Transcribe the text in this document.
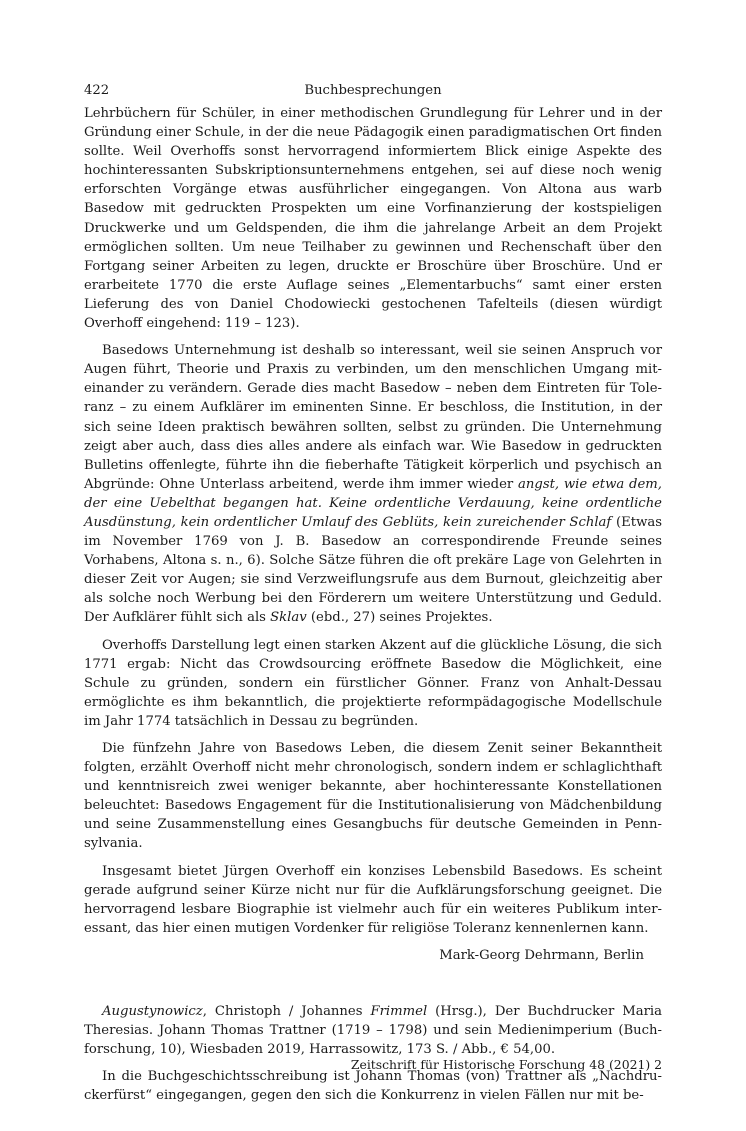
422	Buchbesprechungen

Lehrbüchern für Schüler, in einer methodischen Grundlegung für Lehrer und in der Gründung einer Schule, in der die neue Pädagogik einen paradigmatischen Ort finden sollte. Weil Overhoffs sonst hervorragend informiertem Blick einige Aspekte des hochinteressanten Subskriptionsunternehmens entgehen, sei auf diese noch wenig erforschten Vorgänge etwas ausführlicher eingegangen. Von Altona aus warb Basedow mit gedruckten Prospekten um eine Vorfinanzierung der kostspieligen Druckwerke und um Geldspenden, die ihm die jahrelange Arbeit an dem Projekt ermöglichen sollten. Um neue Teilhaber zu gewinnen und Rechenschaft über den Fortgang seiner Arbeiten zu legen, druckte er Broschüre über Broschüre. Und er erarbeitete 1770 die erste Auflage seines „Elementarbuchs“ samt einer ersten Lieferung des von Daniel Chodowiecki gestochenen Tafelteils (diesen würdigt Overhoff eingehend: 119 – 123).

Basedows Unternehmung ist deshalb so interessant, weil sie seinen Anspruch vor Augen führt, Theorie und Praxis zu verbinden, um den menschlichen Umgang miteinander zu verändern. Gerade dies macht Basedow – neben dem Eintreten für Toleranz – zu einem Aufklärer im eminenten Sinne. Er beschloss, die Institution, in der sich seine Ideen praktisch bewähren sollten, selbst zu gründen. Die Unternehmung zeigt aber auch, dass dies alles andere als einfach war. Wie Basedow in gedruckten Bulletins offenlegte, führte ihn die fieberhafte Tätigkeit körperlich und psychisch an Abgründe: Ohne Unterlass arbeitend, werde ihm immer wieder angst, wie etwa dem, der eine Uebelthat begangen hat. Keine ordentliche Verdauung, keine ordentliche Ausdünstung, kein ordentlicher Umlauf des Geblüts, kein zureichender Schlaf (Etwas im November 1769 von J. B. Basedow an correspondirende Freunde seines Vorhabens, Altona s. n., 6). Solche Sätze führen die oft prekäre Lage von Gelehrten in dieser Zeit vor Augen; sie sind Verzweiflungsrufe aus dem Burnout, gleichzeitig aber als solche noch Werbung bei den Förderern um weitere Unterstützung und Geduld. Der Aufklärer fühlt sich als Sklav (ebd., 27) seines Projektes.

Overhoffs Darstellung legt einen starken Akzent auf die glückliche Lösung, die sich 1771 ergab: Nicht das Crowdsourcing eröffnete Basedow die Möglichkeit, eine Schule zu gründen, sondern ein fürstlicher Gönner. Franz von Anhalt-Dessau ermöglichte es ihm bekanntlich, die projektierte reformpädagogische Modellschule im Jahr 1774 tatsächlich in Dessau zu begründen.

Die fünfzehn Jahre von Basedows Leben, die diesem Zenit seiner Bekanntheit folgten, erzählt Overhoff nicht mehr chronologisch, sondern indem er schlaglichthaft und kenntnisreich zwei weniger bekannte, aber hochinteressante Konstellationen beleuchtet: Basedows Engagement für die Institutionalisierung von Mädchenbildung und seine Zusammenstellung eines Gesangbuchs für deutsche Gemeinden in Pennsylvania.

Insgesamt bietet Jürgen Overhoff ein konzises Lebensbild Basedows. Es scheint gerade aufgrund seiner Kürze nicht nur für die Aufklärungsforschung geeignet. Die hervorragend lesbare Biographie ist vielmehr auch für ein weiteres Publikum interessant, das hier einen mutigen Vordenker für religiöse Toleranz kennenlernen kann.

Mark-Georg Dehrmann, Berlin

Augustynowicz, Christoph / Johannes Frimmel (Hrsg.), Der Buchdrucker Maria Theresias. Johann Thomas Trattner (1719 – 1798) und sein Medienimperium (Buchforschung, 10), Wiesbaden 2019, Harrassowitz, 173 S. / Abb., € 54,00.

In die Buchgeschichtsschreibung ist Johann Thomas (von) Trattner als „Nachdruckerfürst“ eingegangen, gegen den sich die Konkurrenz in vielen Fällen nur mit be-

Zeitschrift für Historische Forschung 48 (2021) 2
